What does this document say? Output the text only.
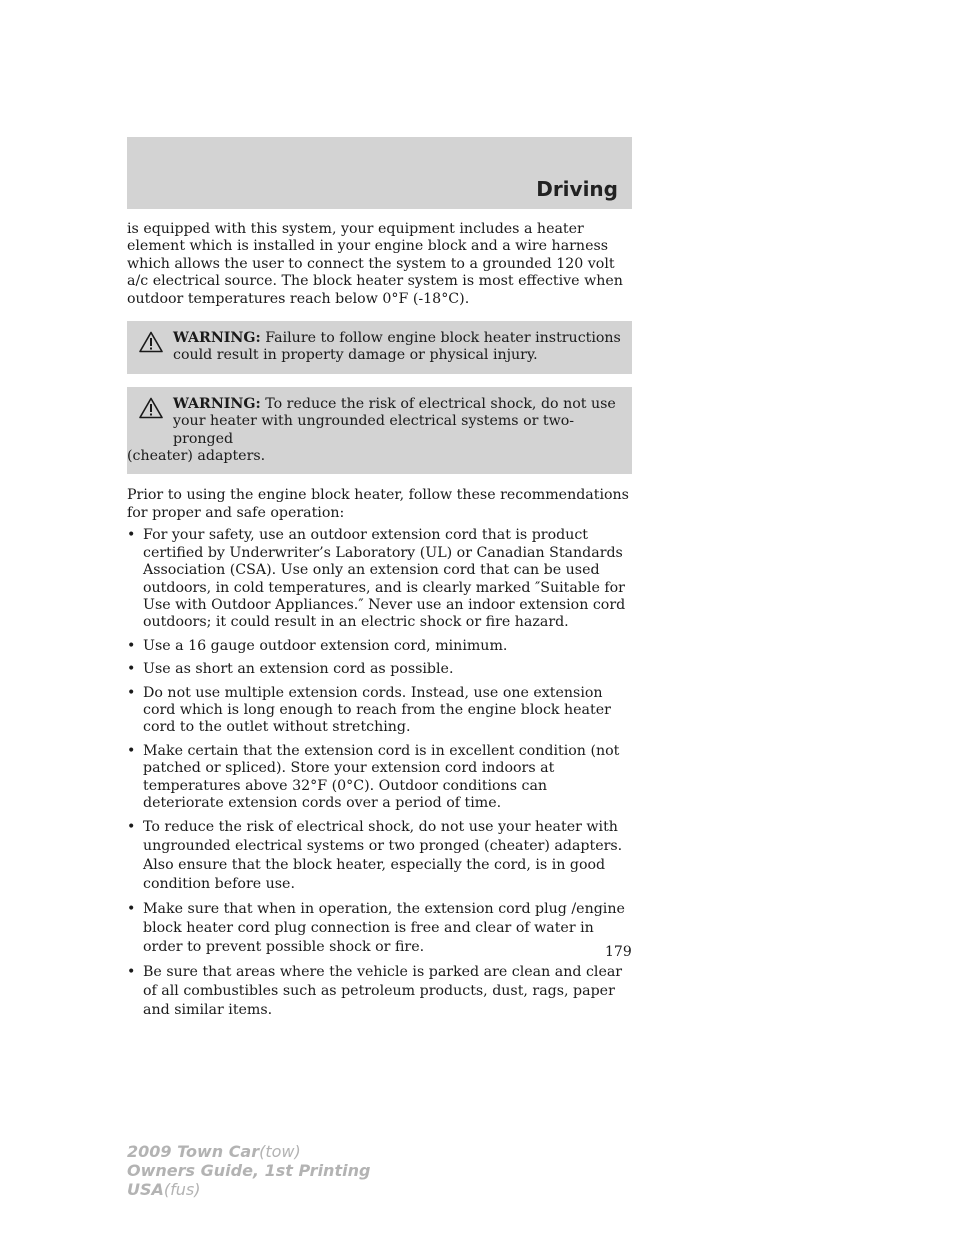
Driving

is equipped with this system, your equipment includes a heater element which is installed in your engine block and a wire harness which allows the user to connect the system to a grounded 120 volt a/c electrical source. The block heater system is most effective when outdoor temperatures reach below 0°F (-18°C).

WARNING: Failure to follow engine block heater instructions could result in property damage or physical injury.
WARNING: To reduce the risk of electrical shock, do not use your heater with ungrounded electrical systems or two-pronged
(cheater) adapters.

Prior to using the engine block heater, follow these recommendations for proper and safe operation:

• For your safety, use an outdoor extension cord that is product certified by Underwriter’s Laboratory (UL) or Canadian Standards Association (CSA). Use only an extension cord that can be used outdoors, in cold temperatures, and is clearly marked ″Suitable for Use with Outdoor Appliances.″ Never use an indoor extension cord outdoors; it could result in an electric shock or fire hazard.
• Use a 16 gauge outdoor extension cord, minimum.
• Use as short an extension cord as possible.
• Do not use multiple extension cords. Instead, use one extension cord which is long enough to reach from the engine block heater cord to the outlet without stretching.
• Make certain that the extension cord is in excellent condition (not patched or spliced). Store your extension cord indoors at temperatures above 32°F (0°C). Outdoor conditions can deteriorate extension cords over a period of time.
• To reduce the risk of electrical shock, do not use your heater with ungrounded electrical systems or two pronged (cheater) adapters. Also ensure that the block heater, especially the cord, is in good condition before use.
• Make sure that when in operation, the extension cord plug /engine block heater cord plug connection is free and clear of water in order to prevent possible shock or fire.
• Be sure that areas where the vehicle is parked are clean and clear of all combustibles such as petroleum products, dust, rags, paper and similar items.
179
2009 Town Car(tow)
Owners Guide, 1st Printing
USA(fus)
